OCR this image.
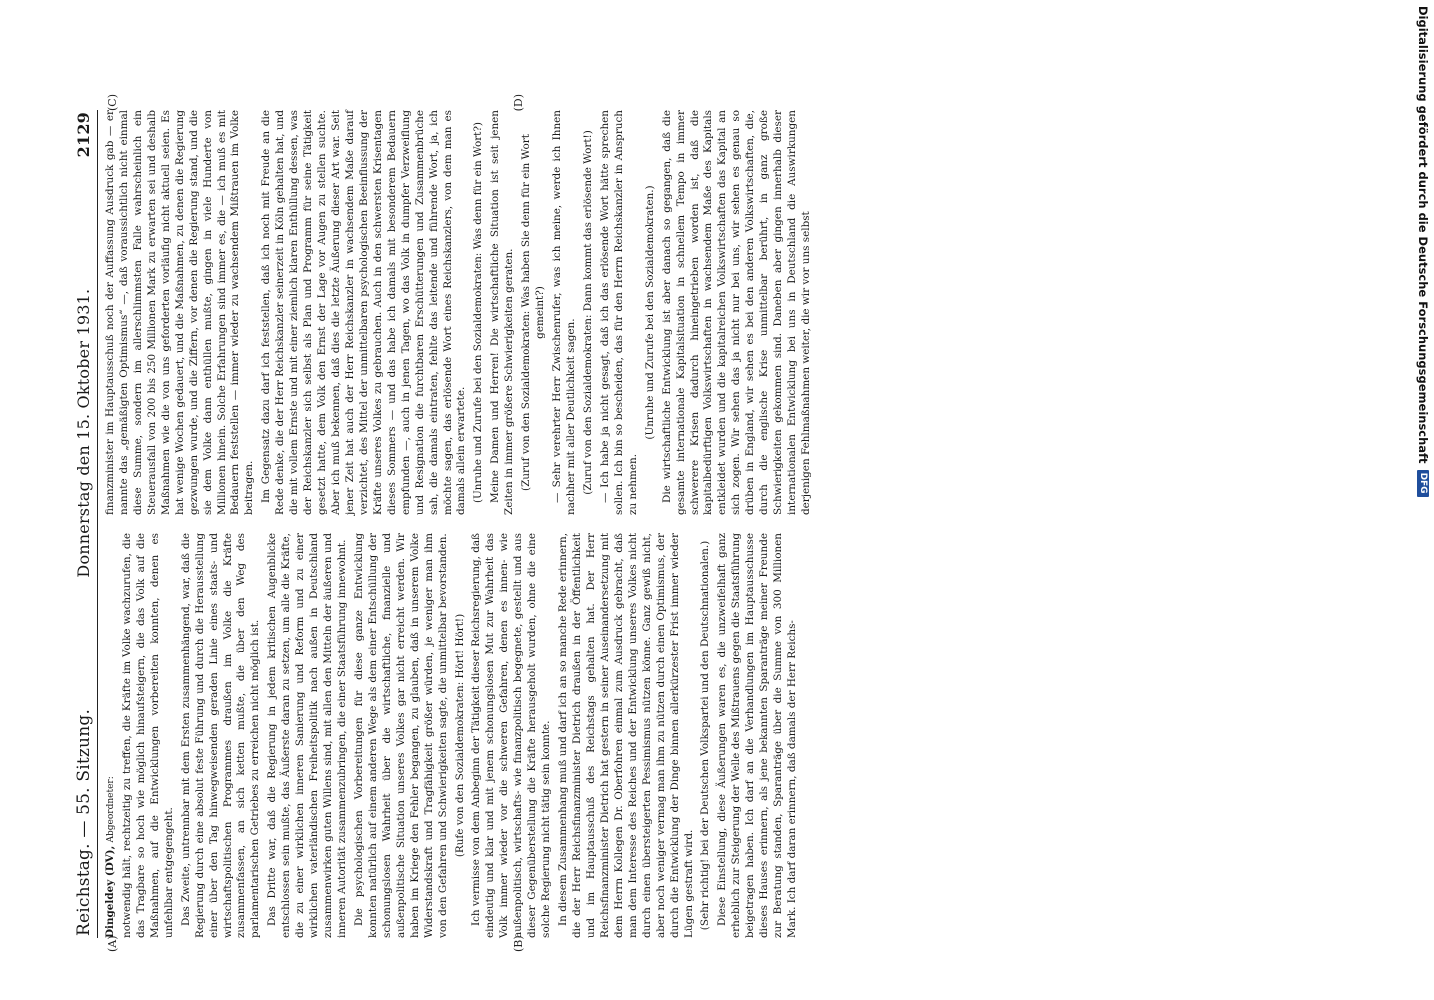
Reichstag. — 55. Sitzung.
Donnerstag den 15. Oktober 1931.
2129
(A)	(B)
(C)	(D)

Dingeldey (DV), Abgeordneter: notwendig hält, rechtzeitig zu treffen, die Kräfte im Volke wachzurufen, die das Tragbare so hoch wie möglich hinaufsteigern, die das Volk auf die Maßnahmen, auf die Entwicklungen vorbereiten konnten, denen es unfehlbar entgegengeht. Das Zweite, untrennbar mit dem Ersten zusammenhängend, war, daß die Regierung durch eine absolut feste Führung und durch die Herausstellung einer über den Tag hinwegweisenden geraden Linie eines staats- und wirtschaftspolitischen Programmes draußen im Volke die Kräfte zusammenfassen, an sich ketten mußte, die über den Weg des parlamentarischen Getriebes zu erreichen nicht möglich ist. Das Dritte war, daß die Regierung in jedem kritischen Augenblicke entschlossen sein mußte, das Äußerste daran zu setzen, um alle die Kräfte, die zu einer wirklichen inneren Sanierung und Reform und zu einer wirklichen vaterländischen Freiheitspolitik nach außen in Deutschland zusammenwirken guten Willens sind, mit allen den Mitteln der äußeren und inneren Autorität zusammenzubringen, die einer Staatsführung innewohnt. Die psychologischen Vorbereitungen für diese ganze Entwicklung konnten natürlich auf einem anderen Wege als dem einer Entschüllung der schonungslosen Wahrheit über die wirtschaftliche, finanzielle und außenpolitische Situation unseres Volkes gar nicht erreicht werden. Wir haben im Kriege den Fehler begangen, zu glauben, daß in unserem Volke Widerstandskraft und Tragfähigkeit größer würden, je weniger man ihm von den Gefahren und Schwierigkeiten sagte, die unmittelbar bevorstanden. (Rufe von den Sozialdemokraten: Hört! Hört!) Ich vermisse von dem Anbeginn der Tätigkeit dieser Reichsregierung, daß eindeutig und klar und mit jenem schonungslosen Mut zur Wahrheit das Volk immer wieder vor die schweren Gefahren, denen es innen- wie außenpolitisch, wirtschafts- wie finanzpolitisch begegnete, gestellt und aus dieser Gegenüberstellung die Kräfte herausgeholt wurden, ohne die eine solche Regierung nicht tätig sein konnte. In diesem Zusammenhang muß und darf ich an so manche Rede erinnern, die der Herr Reichsfinanzminister Dietrich draußen in der Öffentlichkeit und im Hauptausschuß des Reichstags gehalten hat. Der Herr Reichsfinanzminister Dietrich hat gestern in seiner Auseinandersetzung mit dem Herrn Kollegen Dr. Oberfohren einmal zum Ausdruck gebracht, daß man dem Interesse des Reiches und der Entwicklung unseres Volkes nicht durch einen übersteigerten Pessimismus nützen könne. Ganz gewiß nicht, aber noch weniger vermag man ihm zu nützen durch einen Optimismus, der durch die Entwicklung der Dinge binnen allerkürzester Frist immer wieder Lügen gestraft wird. (Sehr richtig! bei der Deutschen Volkspartei und den Deutschnationalen.) Diese Einstellung, diese Äußerungen waren es, die unzweifelhaft ganz erheblich zur Steigerung der Welle des Mißtrauens gegen die Staatsführung beigetragen haben. Ich darf an die Verhandlungen im Hauptausschusse dieses Hauses erinnern, als jene bekannten Sparanträge meiner Freunde zur Beratung standen, Sparanträge über die Summe von 300 Millionen Mark. Ich darf daran erinnern, daß damals der Herr Reichs-

finanzminister im Hauptausschuß noch der Auffassung Ausdruck gab — er nannte das „gemäßigten Optimismus“ —, daß voraussichtlich nicht einmal diese Summe, sondern im allerschlimmsten Falle wahrscheinlich ein Steuerausfall von 200 bis 250 Millionen Mark zu erwarten sei und deshalb Maßnahmen wie die von uns geforderten vorläufig nicht aktuell seien. Es hat wenige Wochen gedauert, und die Maßnahmen, zu denen die Regierung gezwungen wurde, und die Ziffern, vor denen die Regierung stand, und die sie dem Volke dann enthüllen mußte, gingen in viele Hunderte von Millionen hinein. Solche Erfahrungen sind immer es, die — ich muß es mit Bedauern feststellen — immer wieder zu wachsendem Mißtrauen im Volke beitragen. Im Gegensatz dazu darf ich feststellen, daß ich noch mit Freude an die Rede denke, die der Herr Reichskanzler seinerzeit in Köln gehalten hat, und die mit vollem Ernste und mit einer ziemlich klaren Enthüllung dessen, was der Reichskanzler sich selbst als Plan und Programm für seine Tätigkeit gesetzt hatte, dem Volk den Ernst der Lage vor Augen zu stellen suchte. Aber ich muß bekennen, daß dies die letzte Äußerung dieser Art war. Seit jener Zeit hat auch der Herr Reichskanzler in wachsendem Maße darauf verzichtet, des Mittel der unmittelbaren psychologischen Beeinflussung der Kräfte unseres Volkes zu gebrauchen. Auch in den schwersten Krisentagen dieses Sommers — und das habe ich damals mit besonderem Bedauern empfunden —, auch in jenen Tagen, wo das Volk in dumpfer Verzweiflung und Resignation die furchtbaren Erschütterungen und Zusammenbrüche sah, die damals eintraten, fehlte das leitende und führende Wort, ja, ich möchte sagen, das erlösende Wort eines Reichskanzlers, von dem man es damals allein erwartete. (Unruhe und Zurufe bei den Sozialdemokraten: Was denn für ein Wort?) Meine Damen und Herren! Die wirtschaftliche Situation ist seit jenen Zeiten in immer größere Schwierigkeiten geraten. (Zuruf von den Sozialdemokraten: Was haben Sie denn für ein Wort gemeint?) — Sehr verehrter Herr Zwischenrufer, was ich meine, werde ich Ihnen nachher mit aller Deutlichkeit sagen. (Zuruf von den Sozialdemokraten: Dann kommt das erlösende Wort!) — Ich habe ja nicht gesagt, daß ich das erlösende Wort hätte sprechen sollen. Ich bin so bescheiden, das für den Herrn Reichskanzler in Anspruch zu nehmen.

(Unruhe und Zurufe bei den Sozialdemokraten.) Die wirtschaftliche Entwicklung ist aber danach so gegangen, daß die gesamte internationale Kapitalsituation in schnellem Tempo in immer schwerere Krisen dadurch hineingetrieben worden ist, daß die kapitalbedürftigen Volkswirtschaften in wachsendem Maße des Kapitals entkleidet wurden und die kapitalreichen Volkswirtschaften das Kapital an sich zogen. Wir sehen das ja nicht nur bei uns, wir sehen es genau so drüben in England, wir sehen es bei den anderen Volkswirtschaften, die, durch die englische Krise unmittelbar berührt, in ganz große Schwierigkeiten gekommen sind. Daneben aber gingen innerhalb dieser internationalen Entwicklung bei uns in Deutschland die Auswirkungen derjenigen Fehlmaßnahmen weiter, die wir vor uns selbst	Digitalisierung gefördert durch die Deutsche Forschungsgemeinschaft
DFG
